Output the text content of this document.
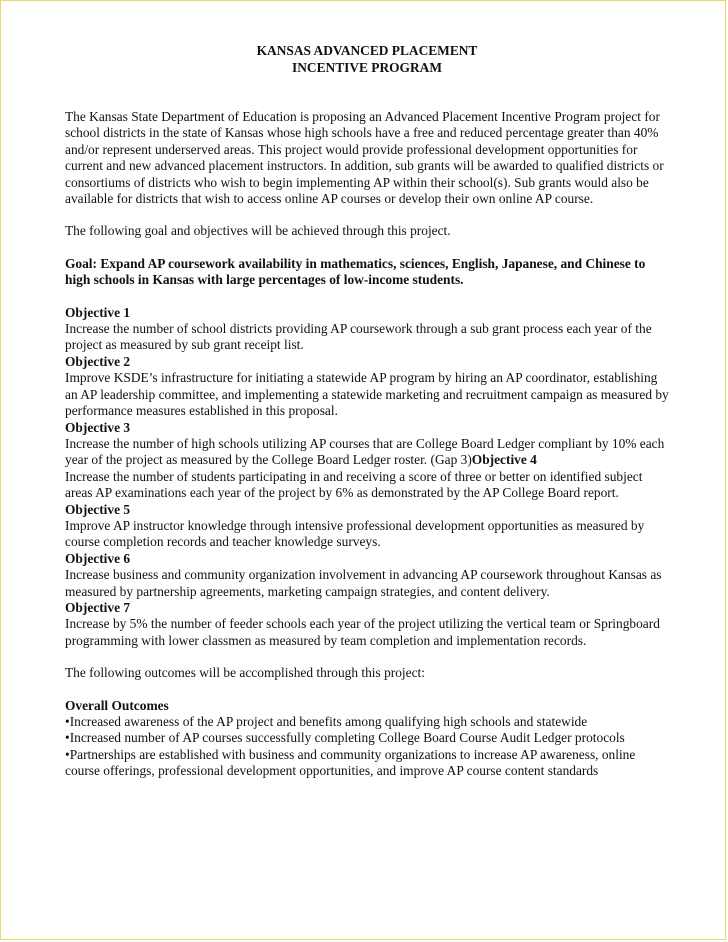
KANSAS ADVANCED PLACEMENT

INCENTIVE PROGRAM

The Kansas State Department of Education is proposing an Advanced Placement Incentive Program project for school districts in the state of Kansas whose high schools have a free and reduced percentage greater than 40% and/or represent underserved areas. This project would provide professional development opportunities for current and new advanced placement instructors. In addition, sub grants will be awarded to qualified districts or consortiums of districts who wish to begin implementing AP within their school(s). Sub grants would also be available for districts that wish to access online AP courses or develop their own online AP course.

The following goal and objectives will be achieved through this project.

Goal: Expand AP coursework availability in mathematics, sciences, English, Japanese, and Chinese to high schools in Kansas with large percentages of low-income students.

Objective 1

Increase the number of school districts providing AP coursework through a sub grant process each year of the project as measured by sub grant receipt list.

Objective 2

Improve KSDE’s infrastructure for initiating a statewide AP program by hiring an AP coordinator, establishing an AP leadership committee, and implementing a statewide marketing and recruitment campaign as measured by performance measures established in this proposal.

Objective 3

Increase the number of high schools utilizing AP courses that are College Board Ledger compliant by 10% each year of the project as measured by the College Board Ledger roster. (Gap 3)Objective 4

Increase the number of students participating in and receiving a score of three or better on identified subject areas AP examinations each year of the project by 6% as demonstrated by the AP College Board report.

Objective 5

Improve AP instructor knowledge through intensive professional development opportunities as measured by course completion records and teacher knowledge surveys.

Objective 6

Increase business and community organization involvement in advancing AP coursework throughout Kansas as measured by partnership agreements, marketing campaign strategies, and content delivery.

Objective 7

Increase by 5% the number of feeder schools each year of the project utilizing the vertical team or Springboard programming with lower classmen as measured by team completion and implementation records.

The following outcomes will be accomplished through this project:

Overall Outcomes

•Increased awareness of the AP project and benefits among qualifying high schools and statewide

•Increased number of AP courses successfully completing College Board Course Audit Ledger protocols

•Partnerships are established with business and community organizations to increase AP awareness, online course offerings, professional development opportunities, and improve AP course content standards
